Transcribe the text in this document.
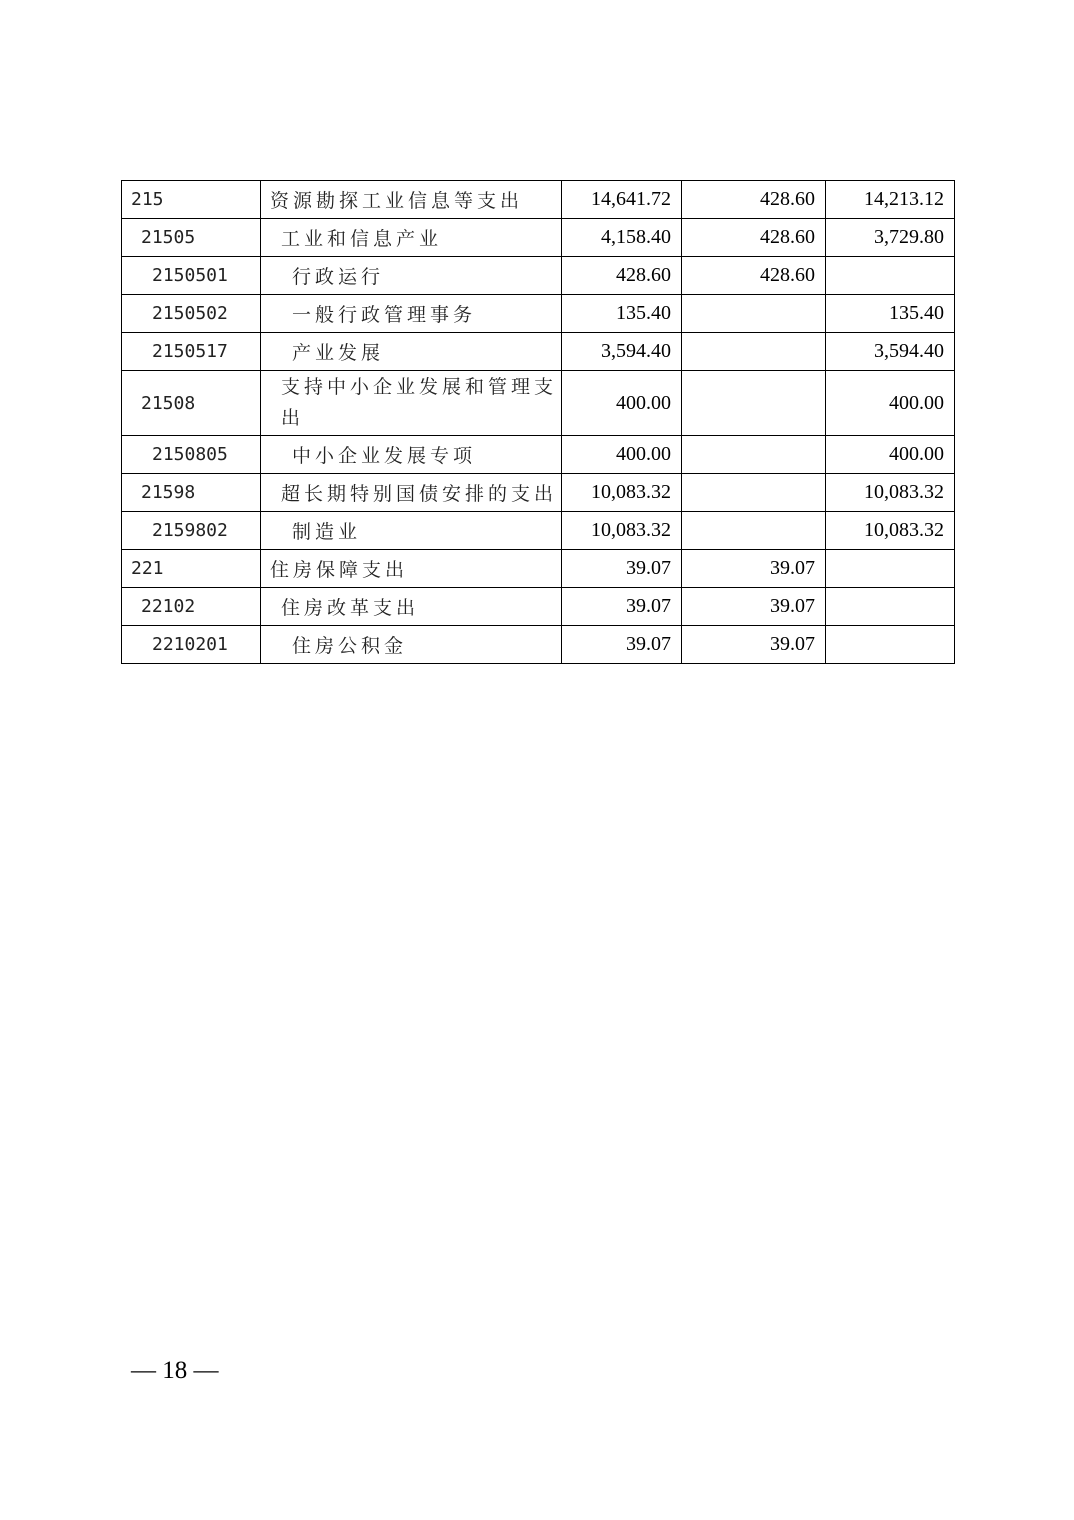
215	资源勘探工业信息等支出	14,641.72	428.60	14,213.12
21505	工业和信息产业	4,158.40	428.60	3,729.80
2150501	行政运行	428.60	428.60	
2150502	一般行政管理事务	135.40		135.40
2150517	产业发展	3,594.40		3,594.40
21508	支持中小企业发展和管理支出	400.00		400.00
2150805	中小企业发展专项	400.00		400.00
21598	超长期特别国债安排的支出	10,083.32		10,083.32
2159802	制造业	10,083.32		10,083.32
221	住房保障支出	39.07	39.07	
22102	住房改革支出	39.07	39.07	
2210201	住房公积金	39.07	39.07	
— 18 —
